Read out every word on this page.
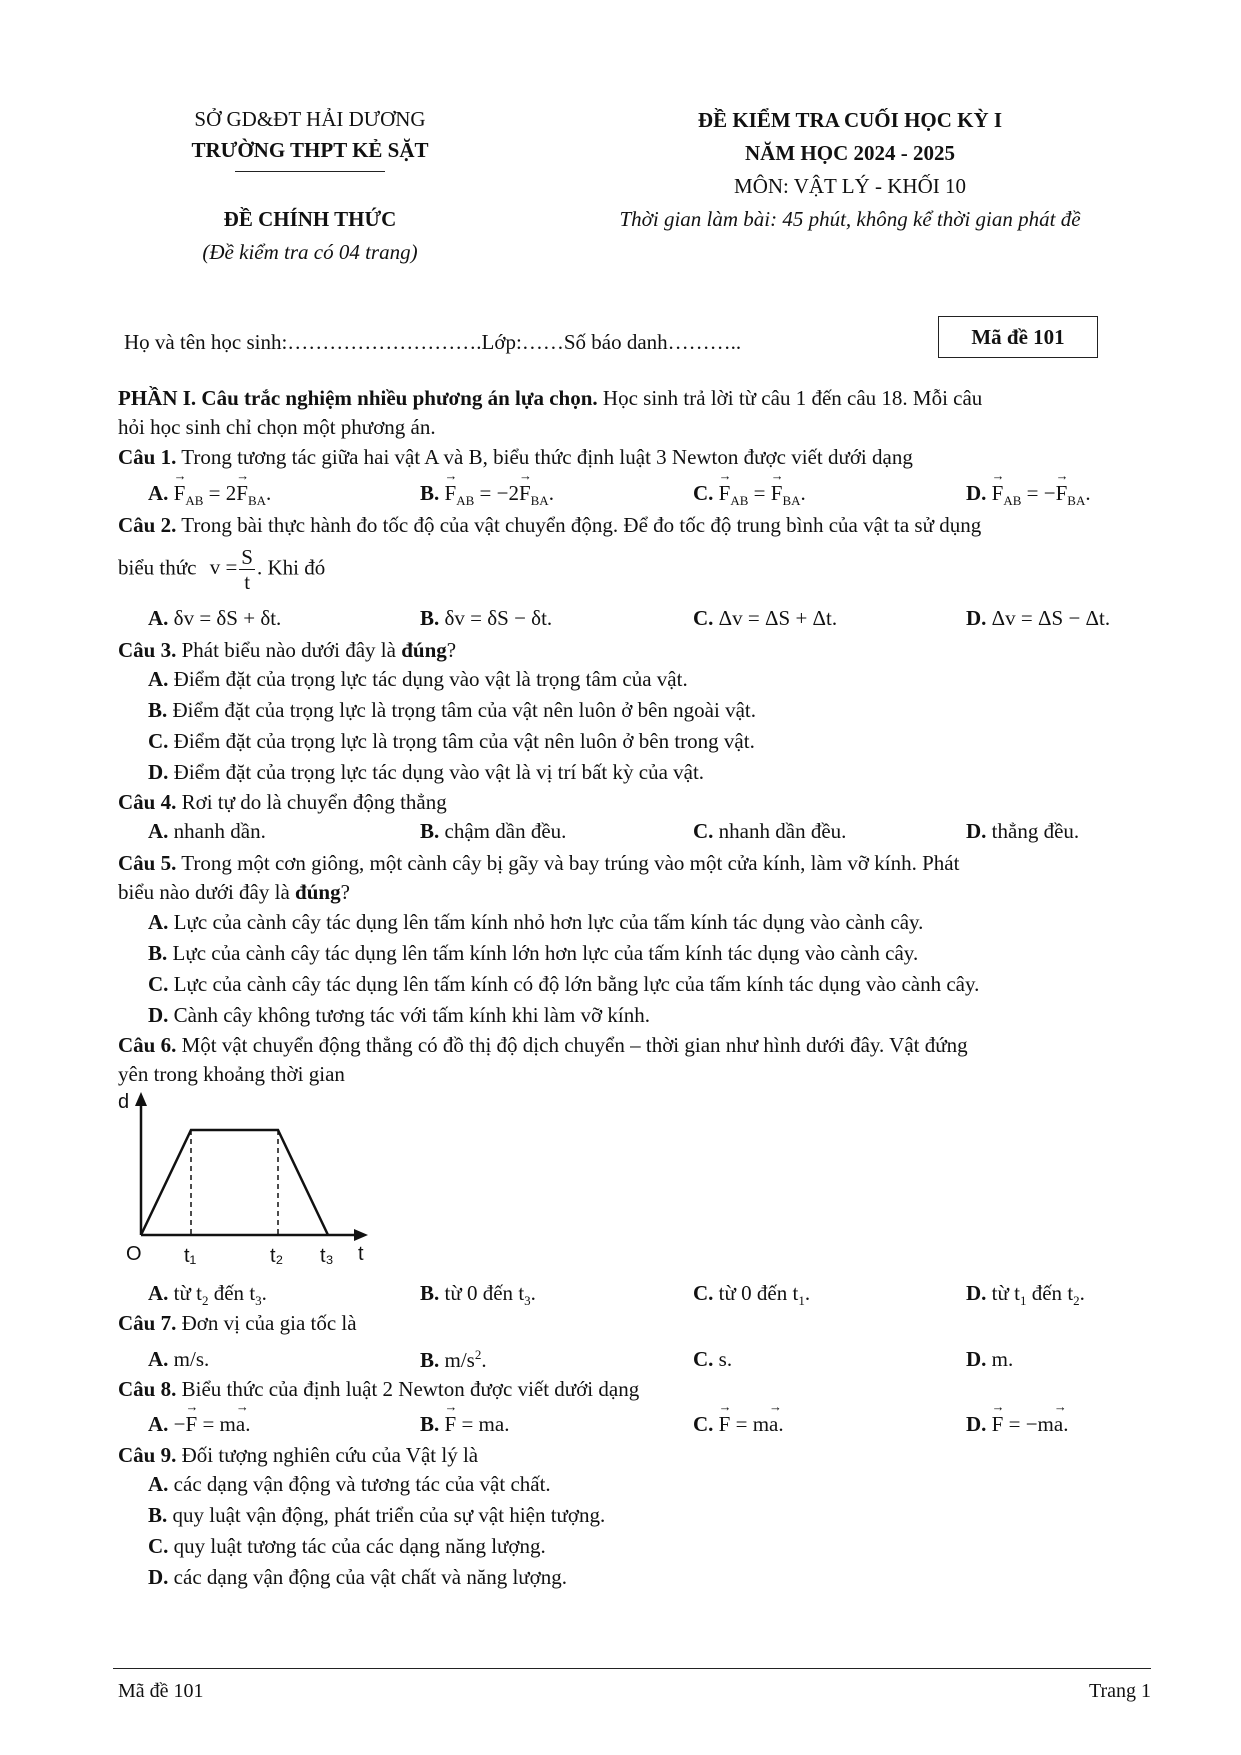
SỞ GD&ĐT HẢI DƯƠNG
TRƯỜNG THPT KẺ SẶT
ĐỀ CHÍNH THỨC
(Đề kiểm tra có 04 trang)
ĐỀ KIỂM TRA CUỐI HỌC KỲ I
NĂM HỌC 2024 - 2025
MÔN: VẬT LÝ - KHỐI 10
Thời gian làm bài: 45 phút, không kể thời gian phát đề
Họ và tên học sinh:……………………….Lớp:……Số báo danh………..	Mã đề 101
PHẦN I. Câu trắc nghiệm nhiều phương án lựa chọn. Học sinh trả lời từ câu 1 đến câu 18. Mỗi câu
hỏi học sinh chỉ chọn một phương án.
Câu 1. Trong tương tác giữa hai vật A và B, biểu thức định luật 3 Newton được viết dưới dạng
A. → $F_{AB} = 2\to F_{BA}$.	B. → $F_{AB} = -2\to F_{BA}$.	C. → $F_{AB}$ = → $F_{BA}$.	D. → $F_{AB}$ = −→ $F_{BA}$.
Câu 2. Trong bài thực hành đo tốc độ của vật chuyển động. Để đo tốc độ trung bình của vật ta sử dụng
biểu thức $v = \frac{S}{t}$ . Khi đó
A. δv = δS + δt.	B. δv = δS − δt.	C. Δv = ΔS + Δt.	D. Δv = ΔS − Δt.
Câu 3. Phát biểu nào dưới đây là đúng?
A. Điểm đặt của trọng lực tác dụng vào vật là trọng tâm của vật.
B. Điểm đặt của trọng lực là trọng tâm của vật nên luôn ở bên ngoài vật.
C. Điểm đặt của trọng lực là trọng tâm của vật nên luôn ở bên trong vật.
D. Điểm đặt của trọng lực tác dụng vào vật là vị trí bất kỳ của vật.
Câu 4. Rơi tự do là chuyển động thẳng
A. nhanh dần.	B. chậm dần đều.	C. nhanh dần đều.	D. thẳng đều.
Câu 5. Trong một cơn giông, một cành cây bị gãy và bay trúng vào một cửa kính, làm vỡ kính. Phát
biểu nào dưới đây là đúng?
A. Lực của cành cây tác dụng lên tấm kính nhỏ hơn lực của tấm kính tác dụng vào cành cây.
B. Lực của cành cây tác dụng lên tấm kính lớn hơn lực của tấm kính tác dụng vào cành cây.
C. Lực của cành cây tác dụng lên tấm kính có độ lớn bằng lực của tấm kính tác dụng vào cành cây.
D. Cành cây không tương tác với tấm kính khi làm vỡ kính.
Câu 6. Một vật chuyển động thẳng có đồ thị độ dịch chuyển – thời gian như hình dưới đây. Vật đứng
yên trong khoảng thời gian
d
O t₁	t₂ t₃ t
A. từ $t_2$ đến $t_3$.	B. từ 0 đến $t_3$.	C. từ 0 đến $t_1$.	D. từ $t_1$ đến $t_2$.
Câu 7. Đơn vị của gia tốc là
A. m/s.	B. $m/s^2$.	C. s.	D. m.
Câu 8. Biểu thức của định luật 2 Newton được viết dưới dạng
A. −→ F = m→ a.	B. → F = ma.	C. → F = m→ a.	D. → F = −m→ a.
Câu 9. Đối tượng nghiên cứu của Vật lý là
A. các dạng vận động và tương tác của vật chất.
B. quy luật vận động, phát triển của sự vật hiện tượng.
C. quy luật tương tác của các dạng năng lượng.
D. các dạng vận động của vật chất và năng lượng.
Mã đề 101	Trang 1
